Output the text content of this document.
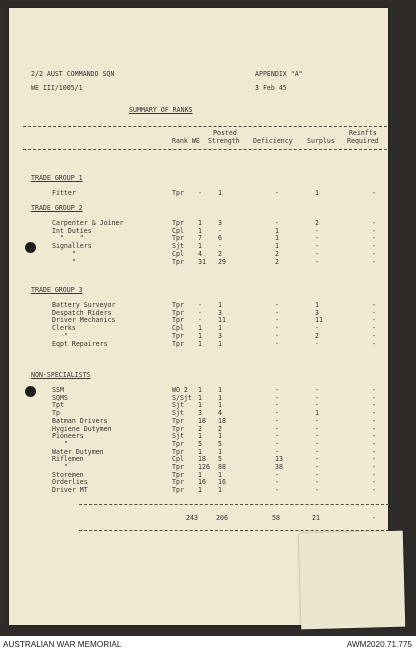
2/2 AUST COMMANDO SQN
WE III/1005/1
APPENDIX "A"
3 Feb 45
SUMMARY OF RANKS
Posted	Reinfts
Rank WE Strength Deficiency Surplus Required
TRADE GROUP 1
Fitter	Tpr - 1	-	1	-
TRADE GROUP 2
Carpenter & Joiner	Tpr 1 3	-	2	-
Int Duties	Cpl 1 -	1	-	-
"    "	Tpr 7 6	1	-	-
Signallers	Sjt 1 -	1	-	-
"	Cpl 4 2	2	-	-
"	Tpr 31 29	2	-	-
TRADE GROUP 3
Battery Surveyor	Tpr - 1	-	1	-
Despatch Riders	Tpr - 3	-	3	-
Driver Mechanics	Tpr - 11	-	11	-
Clerks	Cpl 1 1	-	-	-
"	Tpr 1 3	-	2	-
Eqpt Repairers	Tpr 1 1	-	-	-
NON-SPECIALISTS
SSM	WO 2 1 1	-	-	-
SQMS	S/Sjt 1 1	-	-	-
Tpt	Sjt 1 1	-	-	-
Tp	Sjt 3 4	-	1	-
Batman Drivers	Tpr 18 18	-	-	-
Hygiene Dutymen	Tpr 2 2	-	-	-
Pioneers	Sjt 1 1	-	-	-
"	Tpr 5 5	-	-	-
Water Dutymen	Tpr 1 1	-	-	-
Riflemen	Cpl 18 5	13	-	-
"	Tpr 126 88	38	-	-
Storemen	Tpr 1 1	-	-	-
Orderlies	Tpr 16 16	-	-	-
Driver MT	Tpr 1 1	-	-	-
243	206	58	21	-
AUSTRALIAN WAR MEMORIAL	AWM2020.71.775
